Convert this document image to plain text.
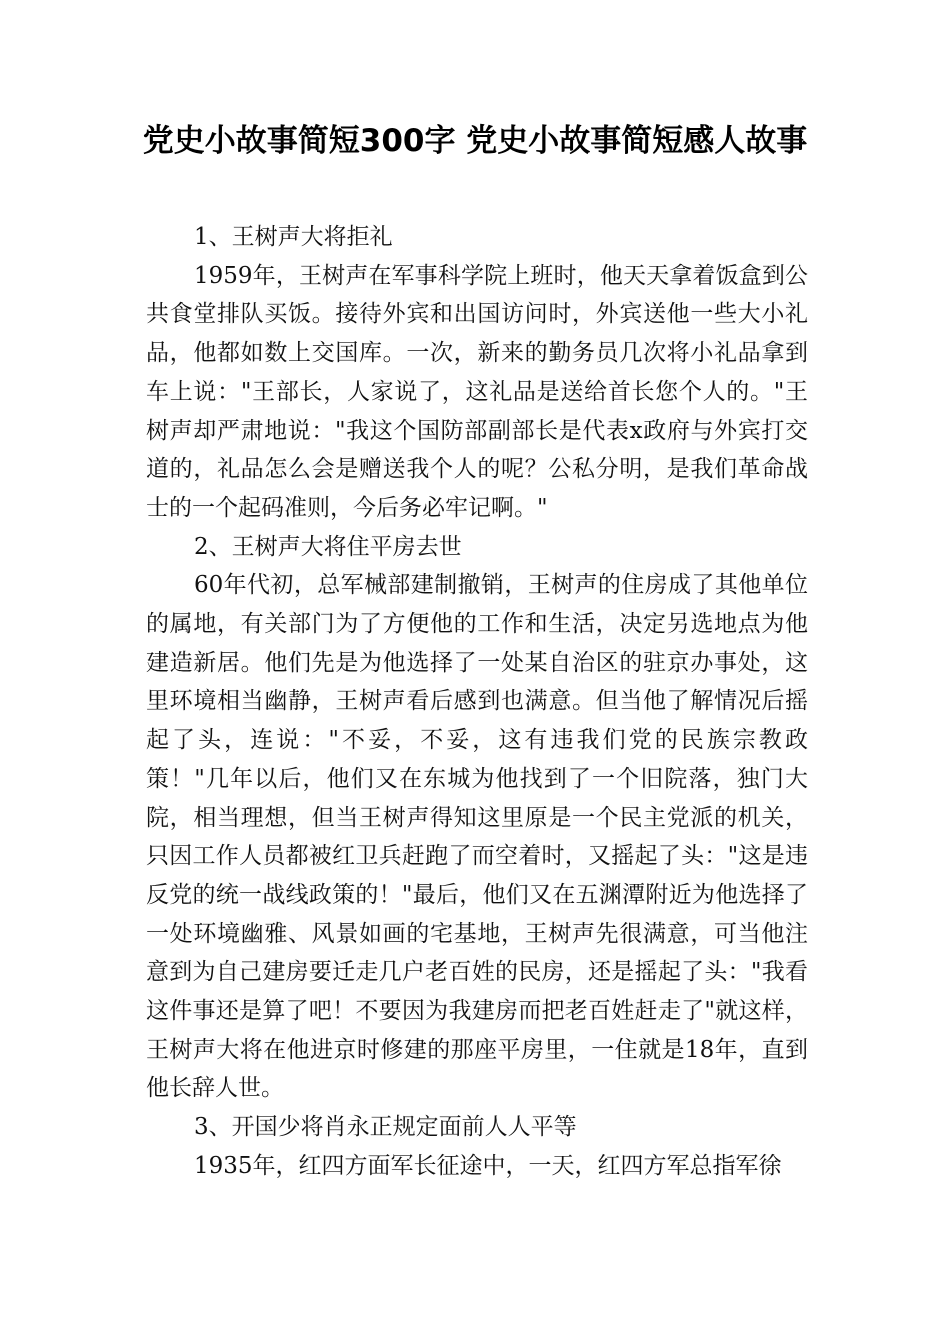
党史小故事简短300字 党史小故事简短感人故事

1、王树声大将拒礼

1959年，王树声在军事科学院上班时，他天天拿着饭盒到公共食堂排队买饭。接待外宾和出国访问时，外宾送他一些大小礼品，他都如数上交国库。一次，新来的勤务员几次将小礼品拿到车上说："王部长，人家说了，这礼品是送给首长您个人的。"王树声却严肃地说："我这个国防部副部长是代表x政府与外宾打交道的，礼品怎么会是赠送我个人的呢？公私分明，是我们革命战士的一个起码准则，今后务必牢记啊。"

2、王树声大将住平房去世

60年代初，总军械部建制撤销，王树声的住房成了其他单位的属地，有关部门为了方便他的工作和生活，决定另选地点为他建造新居。他们先是为他选择了一处某自治区的驻京办事处，这里环境相当幽静，王树声看后感到也满意。但当他了解情况后摇起了头，连说："不妥，不妥，这有违我们党的民族宗教政策！"几年以后，他们又在东城为他找到了一个旧院落，独门大院，相当理想，但当王树声得知这里原是一个民主党派的机关，只因工作人员都被红卫兵赶跑了而空着时，又摇起了头："这是违反党的统一战线政策的！"最后，他们又在五渊潭附近为他选择了一处环境幽雅、风景如画的宅基地，王树声先很满意，可当他注意到为自己建房要迁走几户老百姓的民房，还是摇起了头："我看这件事还是算了吧！不要因为我建房而把老百姓赶走了"就这样，王树声大将在他进京时修建的那座平房里，一住就是18年，直到他长辞人世。

3、开国少将肖永正规定面前人人平等

1935年，红四方面军长征途中，一天，红四方军总指军徐
